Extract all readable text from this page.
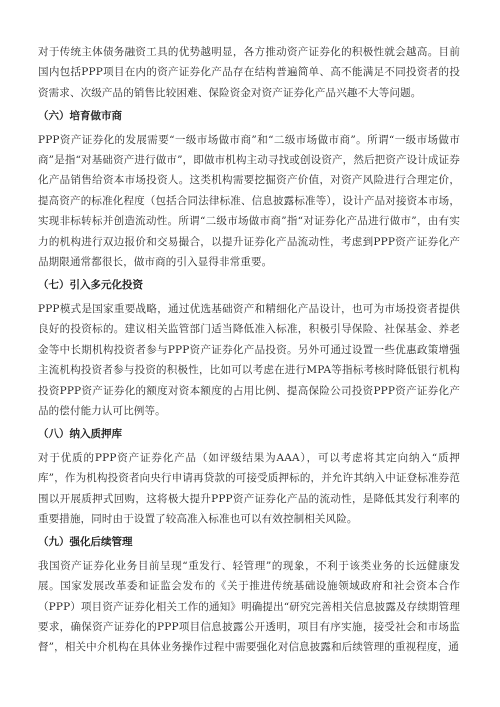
对于传统主体债务融资工具的优势越明显，各方推动资产证券化的积极性就会越高。目前国内包括PPP项目在内的资产证券化产品存在结构普遍简单、高不能满足不同投资者的投资需求、次级产品的销售比较困难、保险资金对资产证券化产品兴趣不大等问题。

（六）培育做市商

PPP资产证券化的发展需要“一级市场做市商”和“二级市场做市商”。所谓“一级市场做市商”是指“对基础资产进行做市”，即做市机构主动寻找或创设资产，然后把资产设计成证券化产品销售给资本市场投资人。这类机构需要挖掘资产价值，对资产风险进行合理定价，提高资产的标准化程度（包括合同法律标准、信息披露标准等），设计产品对接资本市场，实现非标转标并创造流动性。所谓“二级市场做市商”指“对证券化产品进行做市”，由有实力的机构进行双边报价和交易撮合，以提升证券化产品流动性，考虑到PPP资产证券化产品期限通常都很长，做市商的引入显得非常重要。

（七）引入多元化投资

PPP模式是国家重要战略，通过优选基础资产和精细化产品设计，也可为市场投资者提供良好的投资标的。建议相关监管部门适当降低准入标准，积极引导保险、社保基金、养老金等中长期机构投资者参与PPP资产证券化产品投资。另外可通过设置一些优惠政策增强主流机构投资者参与投资的积极性，比如可以考虑在进行MPA等指标考核时降低银行机构投资PPP资产证券化的额度对资本额度的占用比例、提高保险公司投资PPP资产证券化产品的偿付能力认可比例等。

（八）纳入质押库

对于优质的PPP资产证券化产品（如评级结果为AAA），可以考虑将其定向纳入“质押库”，作为机构投资者向央行申请再贷款的可接受质押标的，并允许其纳入中证登标准券范围以开展质押式回购，这将极大提升PPP资产证券化产品的流动性，是降低其发行利率的重要措施，同时由于设置了较高准入标准也可以有效控制相关风险。

（九）强化后续管理

我国资产证券化业务目前呈现“重发行、轻管理”的现象，不利于该类业务的长远健康发展。国家发展改革委和证监会发布的《关于推进传统基础设施领域政府和社会资本合作（PPP）项目资产证券化相关工作的通知》明确提出“研究完善相关信息披露及存续期管理要求，确保资产证券化的PPP项目信息披露公开透明，项目有序实施，接受社会和市场监督”，相关中介机构在具体业务操作过程中需要强化对信息披露和后续管理的重视程度，通
